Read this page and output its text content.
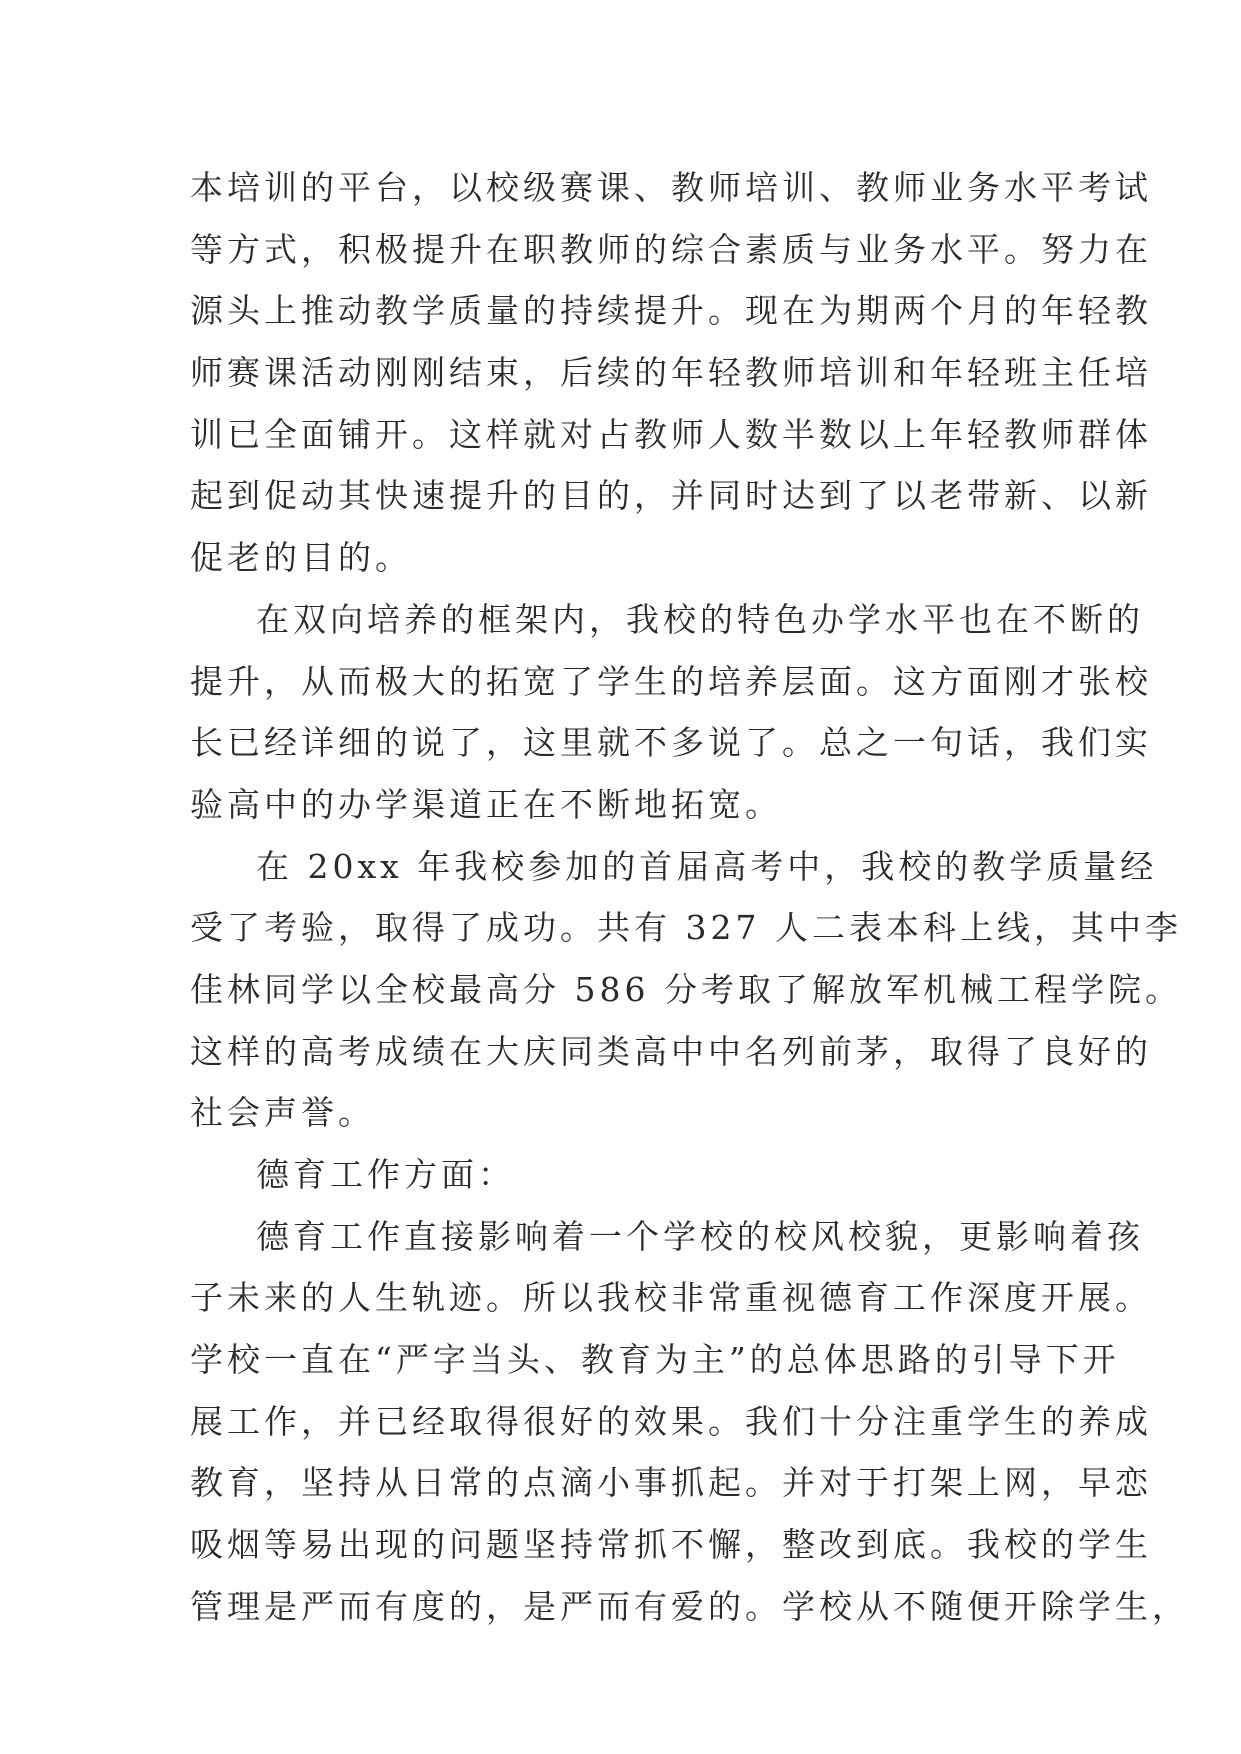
本培训的平台，以校级赛课、教师培训、教师业务水平考试
等方式，积极提升在职教师的综合素质与业务水平。努力在
源头上推动教学质量的持续提升。现在为期两个月的年轻教
师赛课活动刚刚结束，后续的年轻教师培训和年轻班主任培
训已全面铺开。这样就对占教师人数半数以上年轻教师群体
起到促动其快速提升的目的，并同时达到了以老带新、以新
促老的目的。
在双向培养的框架内，我校的特色办学水平也在不断的
提升，从而极大的拓宽了学生的培养层面。这方面刚才张校
长已经详细的说了，这里就不多说了。总之一句话，我们实
验高中的办学渠道正在不断地拓宽。
在 20xx 年我校参加的首届高考中，我校的教学质量经
受了考验，取得了成功。共有 327 人二表本科上线，其中李
佳林同学以全校最高分 586 分考取了解放军机械工程学院。
这样的高考成绩在大庆同类高中中名列前茅，取得了良好的
社会声誉。
德育工作方面：
德育工作直接影响着一个学校的校风校貌，更影响着孩
子未来的人生轨迹。所以我校非常重视德育工作深度开展。
学校一直在“严字当头、教育为主”的总体思路的引导下开
展工作，并已经取得很好的效果。我们十分注重学生的养成
教育，坚持从日常的点滴小事抓起。并对于打架上网，早恋
吸烟等易出现的问题坚持常抓不懈，整改到底。我校的学生
管理是严而有度的，是严而有爱的。学校从不随便开除学生，
